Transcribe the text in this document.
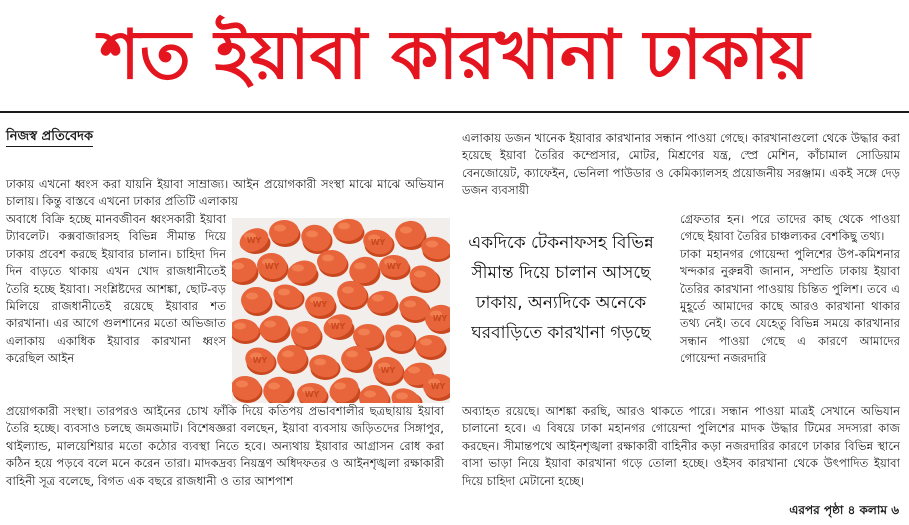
শত ইয়াবা কারখানা ঢাকায়
নিজস্ব প্রতিবেদক

ঢাকায় এখনো ধ্বংস করা যায়নি ইয়াবা সাম্রাজ্য। আইন প্রয়োগকারী সংস্থা মাঝে মাঝে অভিযান চালায়। কিন্তু বাস্তবে এখনো ঢাকার প্রতিটি এলাকায়

অবাধে বিক্রি হচ্ছে মানবজীবন ধ্বংসকারী ইয়াবা ট্যাবলেট। কক্সবাজারসহ বিভিন্ন সীমান্ত দিয়ে ঢাকায় প্রবেশ করছে ইয়াবার চালান। চাহিদা দিন দিন বাড়তে থাকায় এখন খোদ রাজধানীতেই তৈরি হচ্ছে ইয়াবা। সংশ্লিষ্টদের আশঙ্কা, ছোট-বড় মিলিয়ে রাজধানীতেই রয়েছে ইয়াবার শত কারখানা। এর আগে গুলশানের মতো অভিজাত এলাকায় একাধিক ইয়াবার কারখানা ধ্বংস করেছিল আইন

প্রয়োগকারী সংস্থা। তারপরও আইনের চোখ ফাঁকি দিয়ে কতিপয় প্রভাবশালীর ছত্রছায়ায় ইয়াবা তৈরি হচ্ছে। ব্যবসাও চলছে জমজমাট। বিশেষজ্ঞরা বলছেন, ইয়াবা ব্যবসায় জড়িতদের সিঙ্গাপুর, থাইল্যান্ড, মালয়েশিয়ার মতো কঠোর ব্যবস্থা নিতে হবে। অন্যথায় ইয়াবার আগ্রাসন রোধ করা কঠিন হয়ে পড়বে বলে মনে করেন তারা। মাদকদ্রব্য নিয়ন্ত্রণ অধিদফতর ও আইনশৃঙ্খলা রক্ষাকারী বাহিনী সূত্র বলেছে, বিগত এক বছরে রাজধানী ও তার আশপাশ

এলাকায় ডজন খানেক ইয়াবার কারখানার সন্ধান পাওয়া গেছে। কারখানাগুলো থেকে উদ্ধার করা হয়েছে ইয়াবা তৈরির কম্প্রেসার, মোটর, মিশ্রণের যন্ত্র, স্প্রে মেশিন, কাঁচামাল সোডিয়াম বেনজোয়েট, ক্যাফেইন, ভেনিলা পাউডার ও কেমিক্যালসহ প্রয়োজনীয় সরঞ্জাম। একই সঙ্গে দেড় ডজন ব্যবসায়ী

গ্রেফতার হন। পরে তাদের কাছ থেকে পাওয়া গেছে ইয়াবা তৈরির চাঞ্চল্যকর বেশকিছু তথ্য।

ঢাকা মহানগর গোয়েন্দা পুলিশের উপ-কমিশনার খন্দকার নুরুন্নবী জানান, সম্প্রতি ঢাকায় ইয়াবা তৈরির কারখানা পাওয়ায় চিন্তিত পুলিশ। তবে এ মুহূর্তে আমাদের কাছে আরও কারখানা থাকার তথ্য নেই। তবে যেহেতু বিভিন্ন সময়ে কারখানার সন্ধান পাওয়া গেছে এ কারণে আমাদের গোয়েন্দা নজরদারি

অব্যাহত রয়েছে। আশঙ্কা করছি, আরও থাকতে পারে। সন্ধান পাওয়া মাত্রই সেখানে অভিযান চালানো হবে। এ বিষয়ে ঢাকা মহানগর গোয়েন্দা পুলিশের মাদক উদ্ধার টিমের সদস্যরা কাজ করছেন। সীমান্তপথে আইনশৃঙ্খলা রক্ষাকারী বাহিনীর কড়া নজরদারির কারণে ঢাকার বিভিন্ন স্থানে বাসা ভাড়া নিয়ে ইয়াবা কারখানা গড়ে তোলা হচ্ছে। ওইসব কারখানা থেকে উৎপাদিত ইয়াবা দিয়ে চাহিদা মেটানো হচ্ছে।

WY	WY
WY	WY
WY
WY
WY
WY
WY
WY
WY
একদিকে টেকনাফসহ বিভিন্ন সীমান্ত দিয়ে চালান আসছে ঢাকায়, অন্যদিকে অনেকে ঘরবাড়িতে কারখানা গড়ছে
এরপর পৃষ্ঠা ৪ কলাম ৬
